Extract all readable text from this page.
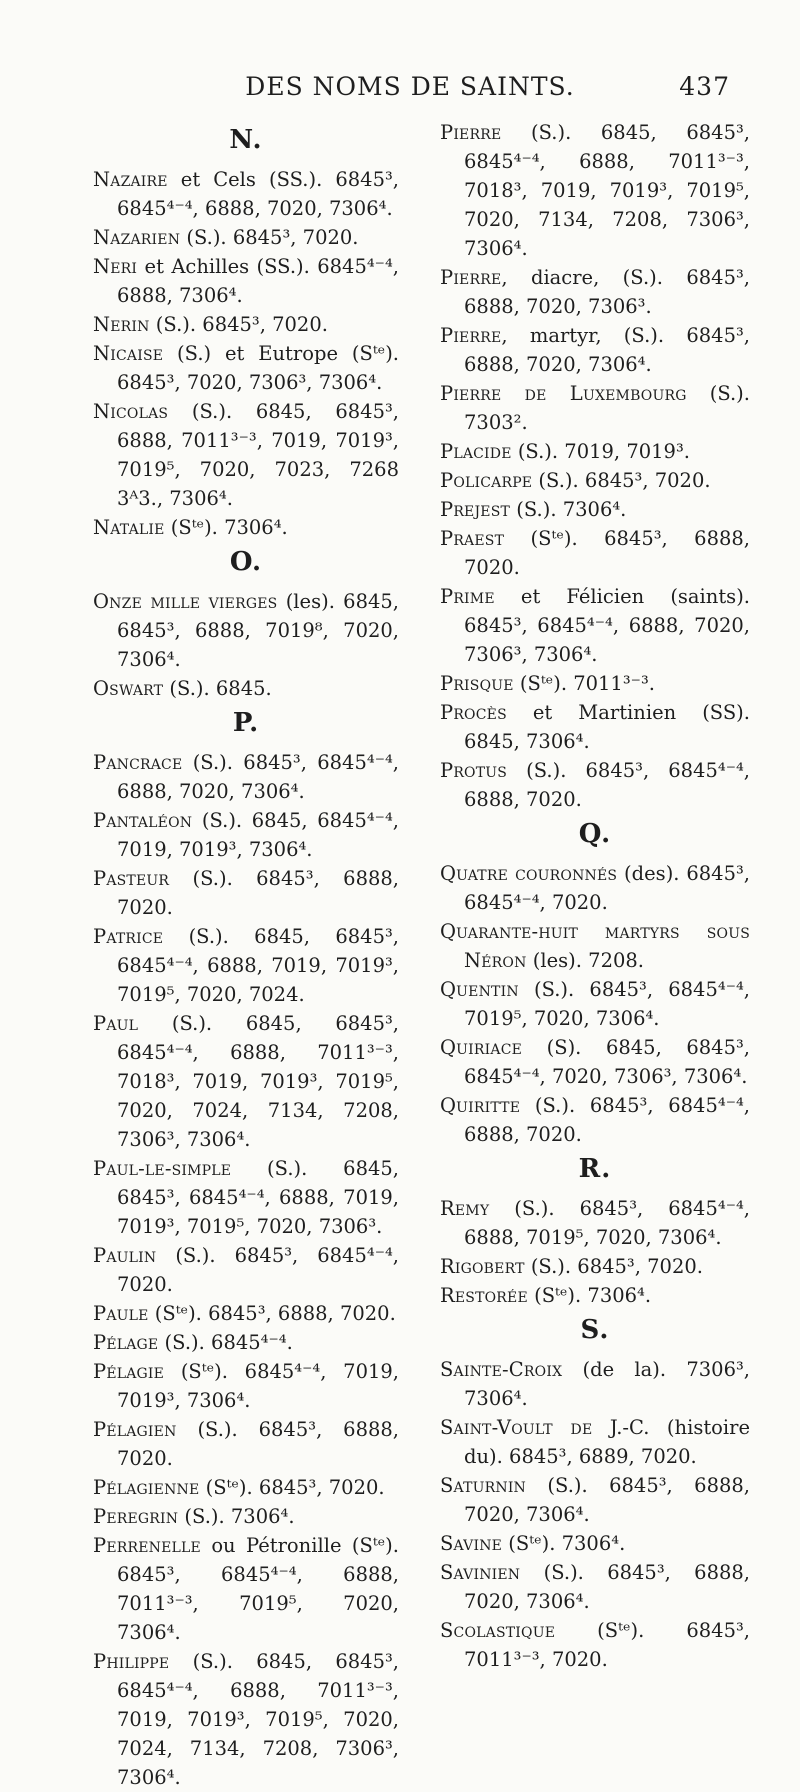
DES NOMS DE SAINTS.	437
N.
Nazaire et Cels (SS.). 6845³, 6845⁴⁻⁴, 6888, 7020, 7306⁴.
Nazarien (S.). 6845³, 7020.
Neri et Achilles (SS.). 6845⁴⁻⁴, 6888, 7306⁴.
Nerin (S.). 6845³, 7020.
Nicaise (S.) et Eutrope (Sᵗᵉ). 6845³, 7020, 7306³, 7306⁴.
Nicolas (S.). 6845, 6845³, 6888, 7011³⁻³, 7019, 7019³, 7019⁵, 7020, 7023, 7268 3ᴬ3., 7306⁴.
Natalie (Sᵗᵉ). 7306⁴.
O.
Onze mille vierges (les). 6845, 6845³, 6888, 7019⁸, 7020, 7306⁴.
Oswart (S.). 6845.
P.
Pancrace (S.). 6845³, 6845⁴⁻⁴, 6888, 7020, 7306⁴.
Pantaléon (S.). 6845, 6845⁴⁻⁴, 7019, 7019³, 7306⁴.
Pasteur (S.). 6845³, 6888, 7020.
Patrice (S.). 6845, 6845³, 6845⁴⁻⁴, 6888, 7019, 7019³, 7019⁵, 7020, 7024.
Paul (S.). 6845, 6845³, 6845⁴⁻⁴, 6888, 7011³⁻³, 7018³, 7019, 7019³, 7019⁵, 7020, 7024, 7134, 7208, 7306³, 7306⁴.
Paul-le-simple (S.). 6845, 6845³, 6845⁴⁻⁴, 6888, 7019, 7019³, 7019⁵, 7020, 7306³.
Paulin (S.). 6845³, 6845⁴⁻⁴, 7020.
Paule (Sᵗᵉ). 6845³, 6888, 7020.
Pélage (S.). 6845⁴⁻⁴.
Pélagie (Sᵗᵉ). 6845⁴⁻⁴, 7019, 7019³, 7306⁴.
Pélagien (S.). 6845³, 6888, 7020.
Pélagienne (Sᵗᵉ). 6845³, 7020.
Peregrin (S.). 7306⁴.
Perrenelle ou Pétronille (Sᵗᵉ). 6845³, 6845⁴⁻⁴, 6888, 7011³⁻³, 7019⁵, 7020, 7306⁴.
Philippe (S.). 6845, 6845³, 6845⁴⁻⁴, 6888, 7011³⁻³, 7019, 7019³, 7019⁵, 7020, 7024, 7134, 7208, 7306³, 7306⁴.
Pierre (S.). 6845, 6845³, 6845⁴⁻⁴, 6888, 7011³⁻³, 7018³, 7019, 7019³, 7019⁵, 7020, 7134, 7208, 7306³, 7306⁴.
Pierre, diacre, (S.). 6845³, 6888, 7020, 7306³.
Pierre, martyr, (S.). 6845³, 6888, 7020, 7306⁴.
Pierre de Luxembourg (S.). 7303².
Placide (S.). 7019, 7019³.
Policarpe (S.). 6845³, 7020.
Prejest (S.). 7306⁴.
Praest (Sᵗᵉ). 6845³, 6888, 7020.
Prime et Félicien (saints). 6845³, 6845⁴⁻⁴, 6888, 7020, 7306³, 7306⁴.
Prisque (Sᵗᵉ). 7011³⁻³.
Procès et Martinien (SS). 6845, 7306⁴.
Protus (S.). 6845³, 6845⁴⁻⁴, 6888, 7020.
Q.
Quatre couronnés (des). 6845³, 6845⁴⁻⁴, 7020.
Quarante-huit martyrs sous Néron (les). 7208.
Quentin (S.). 6845³, 6845⁴⁻⁴, 7019⁵, 7020, 7306⁴.
Quiriace (S). 6845, 6845³, 6845⁴⁻⁴, 7020, 7306³, 7306⁴.
Quiritte (S.). 6845³, 6845⁴⁻⁴, 6888, 7020.
R.
Remy (S.). 6845³, 6845⁴⁻⁴, 6888, 7019⁵, 7020, 7306⁴.
Rigobert (S.). 6845³, 7020.
Restorée (Sᵗᵉ). 7306⁴.
S.
Sainte-Croix (de la). 7306³, 7306⁴.
Saint-Voult de J.-C. (histoire du). 6845³, 6889, 7020.
Saturnin (S.). 6845³, 6888, 7020, 7306⁴.
Savine (Sᵗᵉ). 7306⁴.
Savinien (S.). 6845³, 6888, 7020, 7306⁴.
Scolastique (Sᵗᵉ). 6845³, 7011³⁻³, 7020.
